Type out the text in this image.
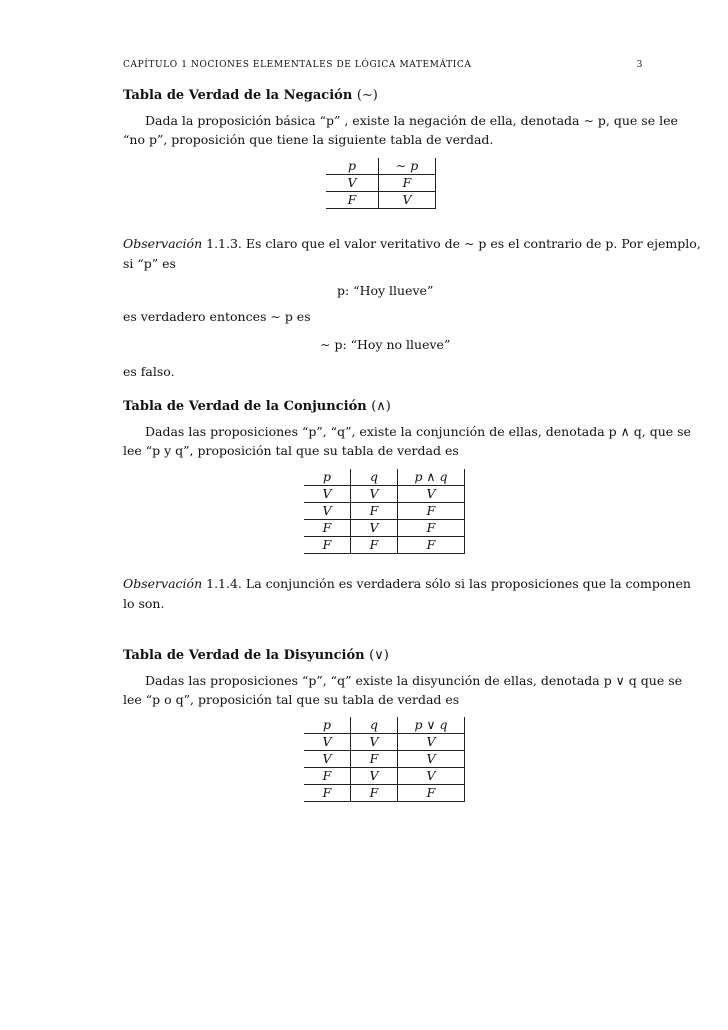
CAPÍTULO 1 NOCIONES ELEMENTALES DE LÓGICA MATEMÁTICA	3
Tabla de Verdad de la Negación (∼)
Dada la proposición básica “p” , existe la negación de ella, denotada ∼ p, que se lee
“no p”, proposición que tiene la siguiente tabla de verdad.
p	∼ p
V	F
F	V
Observación 1.1.3. Es claro que el valor veritativo de ∼ p es el contrario de p. Por ejemplo,
si “p” es
p: “Hoy llueve”
es verdadero entonces ∼ p es
∼ p: “Hoy no llueve”
es falso.
Tabla de Verdad de la Conjunción (∧)
Dadas las proposiciones “p”, “q”, existe la conjunción de ellas, denotada p ∧ q, que se
lee “p y q”, proposición tal que su tabla de verdad es
p	q	p ∧ q
V	V	V
V	F	F
F	V	F
F	F	F
Observación 1.1.4. La conjunción es verdadera sólo si las proposiciones que la componen
lo son.
Tabla de Verdad de la Disyunción (∨)
Dadas las proposiciones “p”, “q” existe la disyunción de ellas, denotada p ∨ q que se
lee “p o q”, proposición tal que su tabla de verdad es
p	q	p ∨ q
V	V	V
V	F	V
F	V	V
F	F	F
